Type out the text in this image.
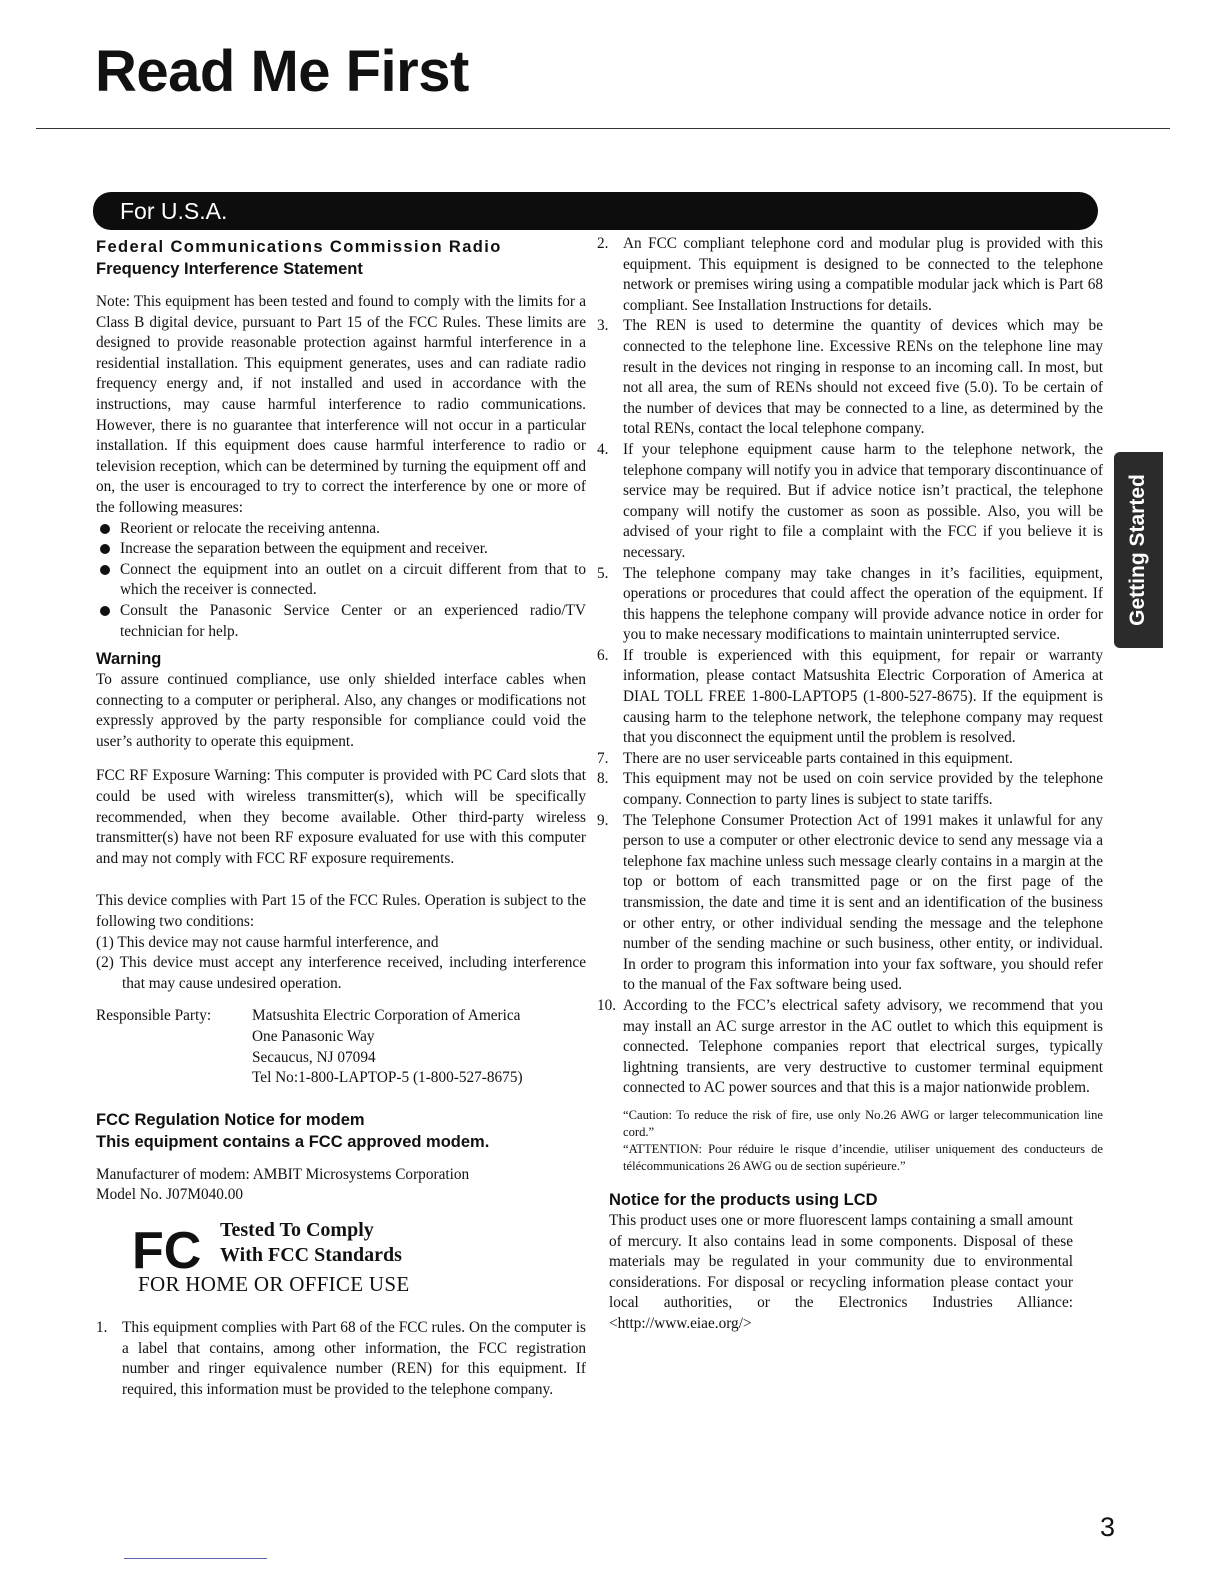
Read Me First
For U.S.A.
Getting Started
Federal Communications Commission Radio
Frequency Interference Statement

Note: This equipment has been tested and found to comply with the limits for a Class B digital device, pursuant to Part 15 of the FCC Rules. These limits are designed to provide reasonable protection against harmful interference in a residential installation. This equipment generates, uses and can radiate radio frequency energy and, if not installed and used in accordance with the instructions, may cause harmful interference to radio communications. However, there is no guarantee that interference will not occur in a particular installation. If this equipment does cause harmful interference to radio or television reception, which can be determined by turning the equipment off and on, the user is encouraged to try to correct the interference by one or more of the following measures:

Reorient or relocate the receiving antenna.
Increase the separation between the equipment and receiver.
Connect the equipment into an outlet on a circuit different from that to which the receiver is connected.
Consult the Panasonic Service Center or an experienced radio/TV technician for help.
Warning

To assure continued compliance, use only shielded interface cables when connecting to a computer or peripheral. Also, any changes or modifications not expressly approved by the party responsible for compliance could void the user’s authority to operate this equipment.

FCC RF Exposure Warning: This computer is provided with PC Card slots that could be used with wireless transmitter(s), which will be specifically recommended, when they become available. Other third-party wireless transmitter(s) have not been RF exposure evaluated for use with this computer and may not comply with FCC RF exposure requirements.

This device complies with Part 15 of the FCC Rules. Operation is subject to the following two conditions:

(1) This device may not cause harmful interference, and

(2) This device must accept any interference received, including interference that may cause undesired operation.

Responsible Party:	Matsushita Electric Corporation of America
One Panasonic Way
Secaucus, NJ 07094
Tel No:1-800-LAPTOP-5 (1-800-527-8675)
FCC Regulation Notice for modem
This equipment contains a FCC approved modem.

Manufacturer of modem: AMBIT Microsystems Corporation

Model No. J07M040.00

FC Tested To Comply
With FCC Standards
FOR HOME OR OFFICE USE
1. This equipment complies with Part 68 of the FCC rules. On the computer is a label that contains, among other information, the FCC registration number and ringer equivalence number (REN) for this equipment. If required, this information must be provided to the telephone company.
2. An FCC compliant telephone cord and modular plug is provided with this equipment. This equipment is designed to be connected to the telephone network or premises wiring using a compatible modular jack which is Part 68 compliant. See Installation Instructions for details.
3. The REN is used to determine the quantity of devices which may be connected to the telephone line. Excessive RENs on the telephone line may result in the devices not ringing in response to an incoming call. In most, but not all area, the sum of RENs should not exceed five (5.0). To be certain of the number of devices that may be connected to a line, as determined by the total RENs, contact the local telephone company.
4. If your telephone equipment cause harm to the telephone network, the telephone company will notify you in advice that temporary discontinuance of service may be required. But if advice notice isn’t practical, the telephone company will notify the customer as soon as possible. Also, you will be advised of your right to file a complaint with the FCC if you believe it is necessary.
5. The telephone company may take changes in it’s facilities, equipment, operations or procedures that could affect the operation of the equipment. If this happens the telephone company will provide advance notice in order for you to make necessary modifications to maintain uninterrupted service.
6. If trouble is experienced with this equipment, for repair or warranty information, please contact Matsushita Electric Corporation of America at DIAL TOLL FREE 1-800-LAPTOP5 (1-800-527-8675). If the equipment is causing harm to the telephone network, the telephone company may request that you disconnect the equipment until the problem is resolved.
7. There are no user serviceable parts contained in this equipment.
8. This equipment may not be used on coin service provided by the telephone company. Connection to party lines is subject to state tariffs.
9. The Telephone Consumer Protection Act of 1991 makes it unlawful for any person to use a computer or other electronic device to send any message via a telephone fax machine unless such message clearly contains in a margin at the top or bottom of each transmitted page or on the first page of the transmission, the date and time it is sent and an identification of the business or other entry, or other individual sending the message and the telephone number of the sending machine or such business, other entity, or individual. In order to program this information into your fax software, you should refer to the manual of the Fax software being used.
10. According to the FCC’s electrical safety advisory, we recommend that you may install an AC surge arrestor in the AC outlet to which this equipment is connected. Telephone companies report that electrical surges, typically lightning transients, are very destructive to customer terminal equipment connected to AC power sources and that this is a major nationwide problem.

“Caution: To reduce the risk of fire, use only No.26 AWG or larger telecommunication line cord.”

“ATTENTION: Pour réduire le risque d’incendie, utiliser uniquement des conducteurs de télécommunications 26 AWG ou de section supérieure.”

Notice for the products using LCD

This product uses one or more fluorescent lamps containing a small amount of mercury. It also contains lead in some components. Disposal of these materials may be regulated in your community due to environmental considerations. For disposal or recycling information please contact your local authorities, or the Electronics Industries Alliance: <http://www.eiae.org/>

3
